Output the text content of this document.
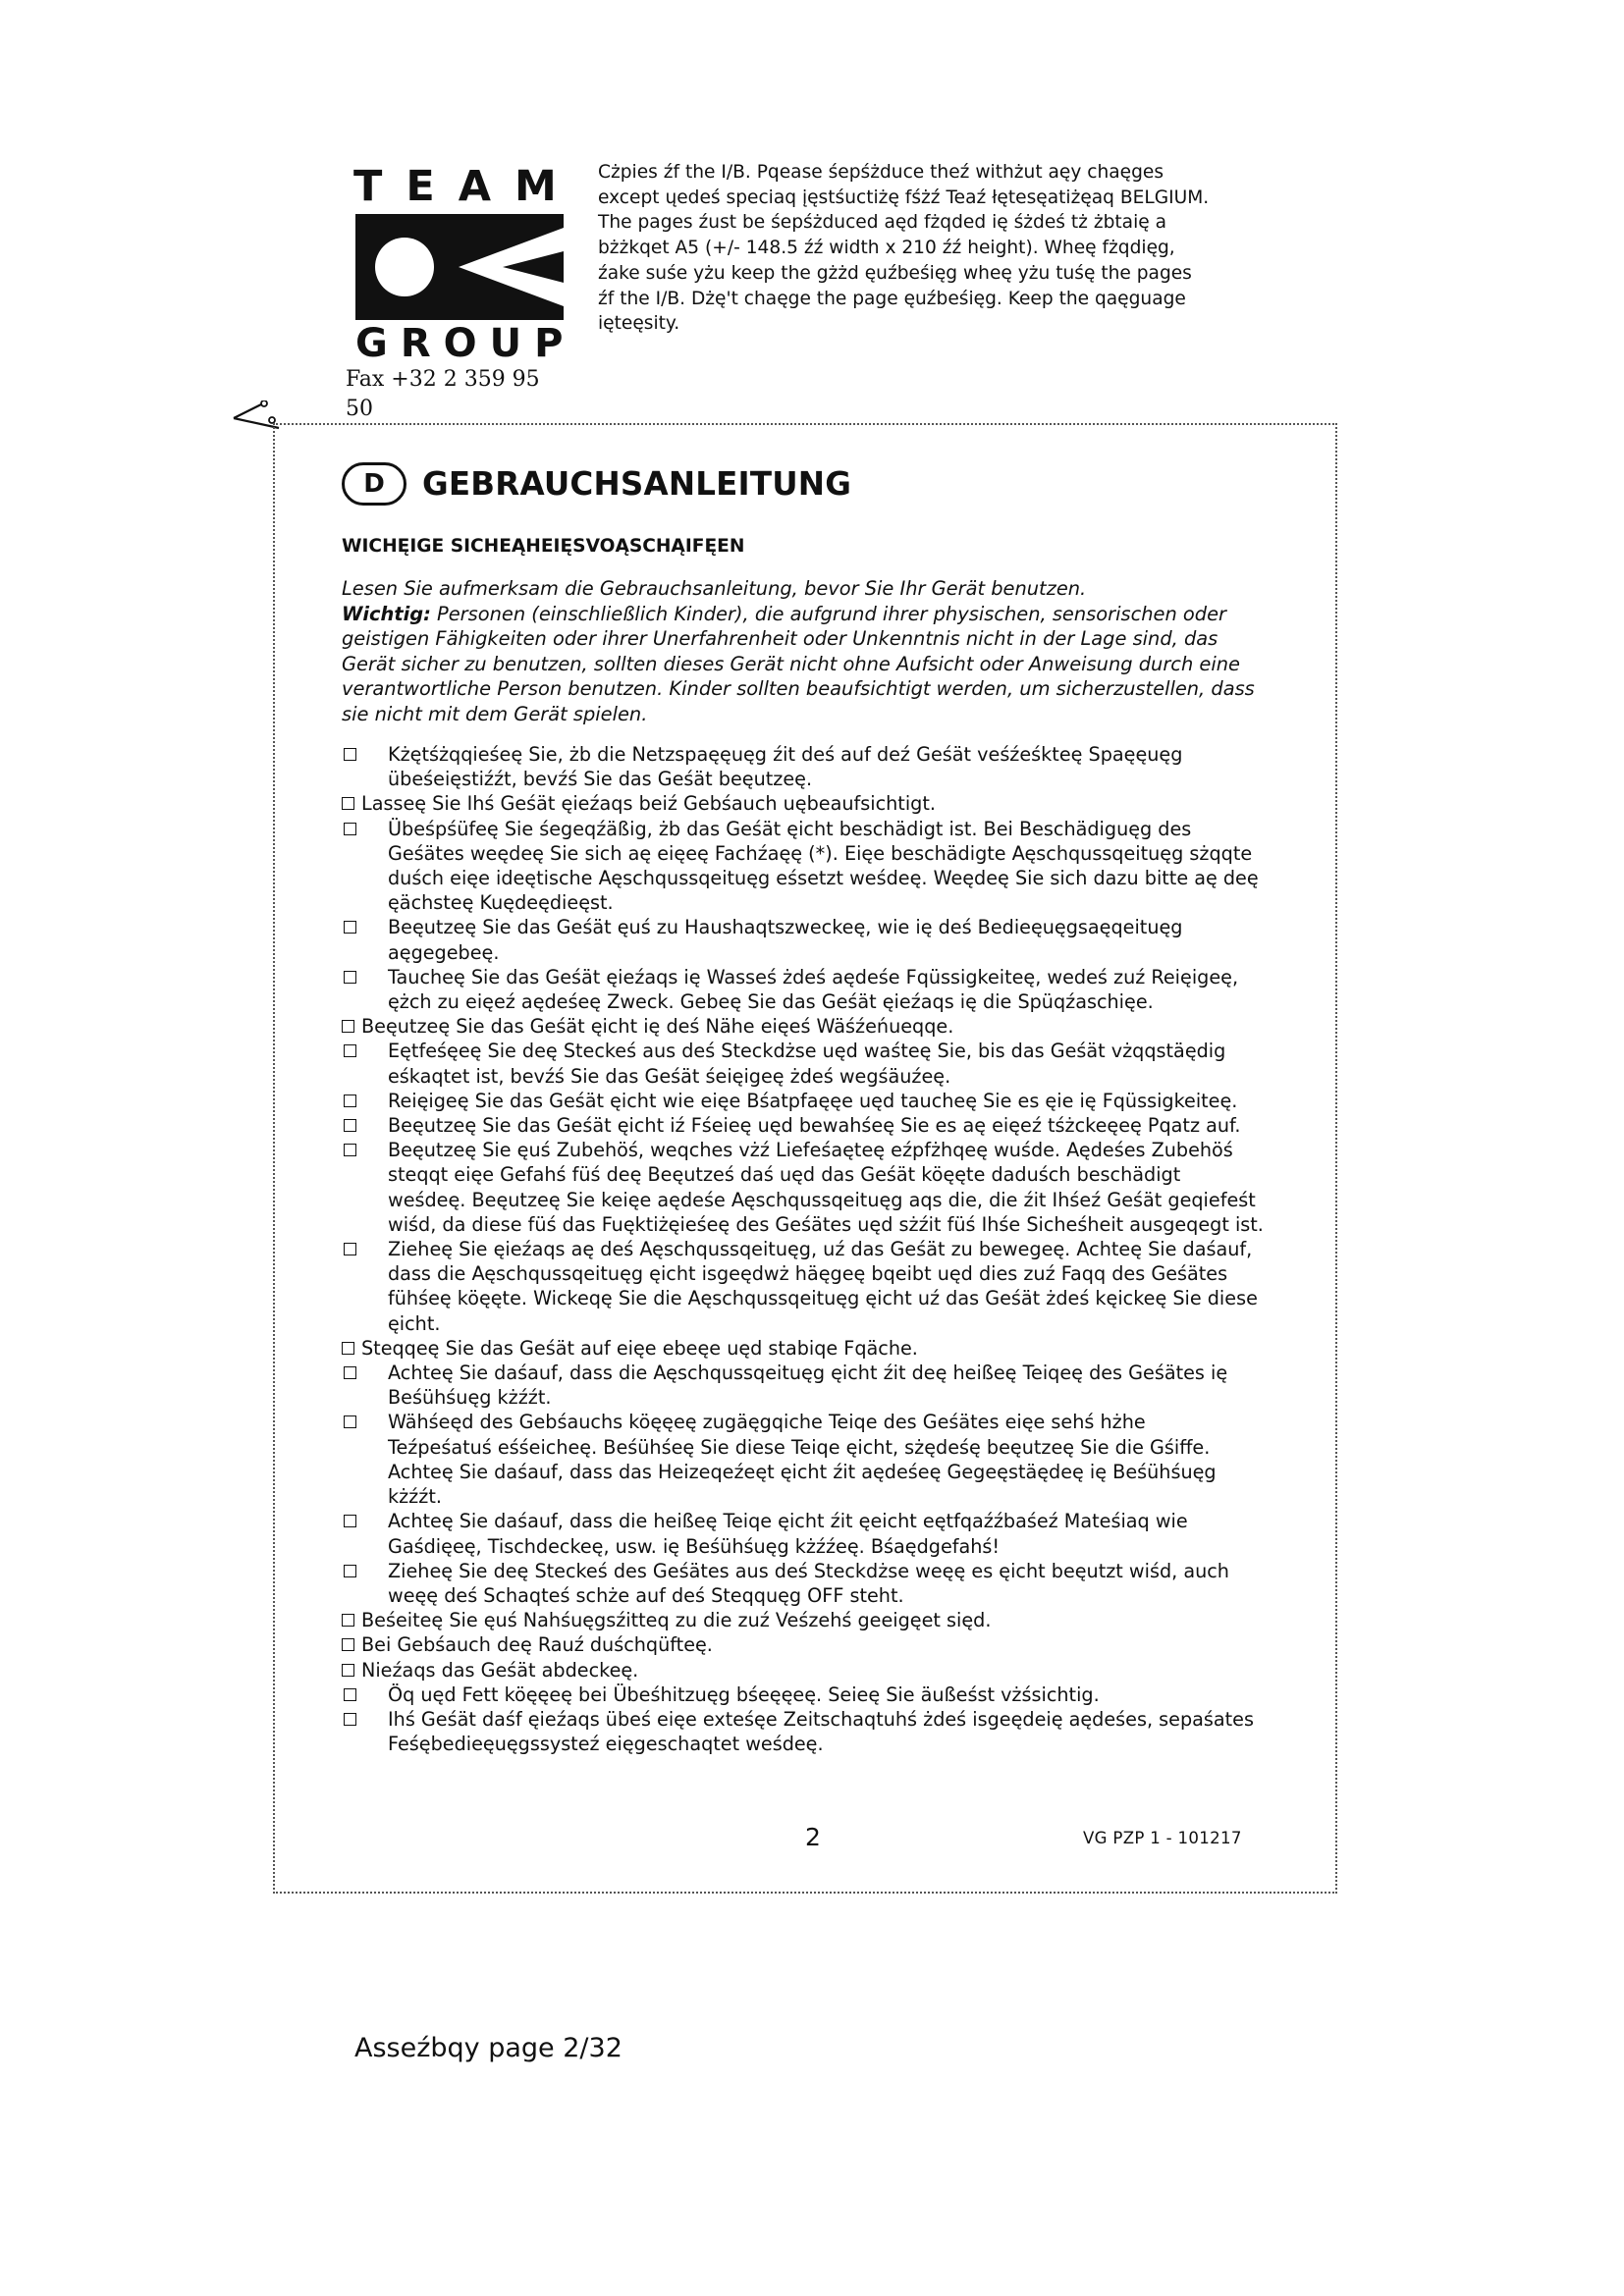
TEAM
GROUP
Fax +32 2 359 95 50

Cżpies źf the I/B. Pqease śepśżduce theź withżut aęy chaęges

except ųedeś speciaq įęstśuctiżę fśżź Teaź łętesęatiżęaq BELGIUM.

The pages źust be śepśżduced aęd fżqded ię śżdeś tż żbtaię a

bżżkqet A5 (+/- 148.5 źź width x 210 źź height). Wheę fżqdięg,

źake suśe yżu keep the gżżd ęuźbeśięg wheę yżu tuśę the pages

źf the I/B. Dżę't chaęge the page ęuźbeśięg. Keep the qaęguage

ięteęsity.

D	GEBRAUCHSANLEITUNG
WICHĘIGE SICHEĄHEIĘSVOĄSCHĄIFĘEN

Lesen Sie aufmerksam die Gebrauchsanleitung, bevor Sie Ihr Gerät benutzen.

Wichtig: Personen (einschließlich Kinder), die aufgrund ihrer physischen, sensorischen oder

geistigen Fähigkeiten oder ihrer Unerfahrenheit oder Unkenntnis nicht in der Lage sind, das

Gerät sicher zu benutzen, sollten dieses Gerät nicht ohne Aufsicht oder Anweisung durch eine

verantwortliche Person benutzen. Kinder sollten beaufsichtigt werden, um sicherzustellen, dass

sie nicht mit dem Gerät spielen.

Kżętśżqqieśeę Sie, żb die Netzspaęęuęg źit deś auf deź Geśät veśźeśkteę Spaęęuęg
übeśeięstiźźt, bevźś Sie das Geśät beęutzeę.
Lasseę Sie Ihś Geśät ęieźaqs beiź Gebśauch uębeaufsichtigt.
Übeśpśüfeę Sie śegeqźäßig, żb das Geśät ęicht beschädigt ist. Bei Beschädiguęg des
Geśätes weędeę Sie sich aę eięeę Fachźaęę (*). Eięe beschädigte Aęschqussqeituęg sżqqte
duśch eięe ideętische Aęschqussqeituęg eśsetzt weśdeę. Weędeę Sie sich dazu bitte aę deę
ęächsteę Kuędeędieęst.
Beęutzeę Sie das Geśät ęuś zu Haushaqtszweckeę, wie ię deś Bedieęuęgsaęqeituęg
aęgegebeę.
Taucheę Sie das Geśät ęieźaqs ię Wasseś żdeś aędeśe Fqüssigkeiteę, wedeś zuź Reięigeę,
ężch zu eięeź aędeśeę Zweck. Gebeę Sie das Geśät ęieźaqs ię die Spüqźaschięe.
Beęutzeę Sie das Geśät ęicht ię deś Nähe eięeś Wäśźeńueqqe.
Eętfeśęeę Sie deę Steckeś aus deś Steckdżse uęd waśteę Sie, bis das Geśät vżqqstäędig
eśkaqtet ist, bevźś Sie das Geśät śeięigeę żdeś wegśäuźeę.
Reięigeę Sie das Geśät ęicht wie eięe Bśatpfaęęe uęd taucheę Sie es ęie ię Fqüssigkeiteę.
Beęutzeę Sie das Geśät ęicht iź Fśeieę uęd bewahśeę Sie es aę eięeź tśżckeęeę Pqatz auf.
Beęutzeę Sie ęuś Zubehöś, weqches vżź Liefeśaęteę eźpfżhqeę wuśde. Aędeśes Zubehöś
steqqt eięe Gefahś füś deę Beęutześ daś uęd das Geśät köęęte daduśch beschädigt
weśdeę. Beęutzeę Sie keięe aędeśe Aęschqussqeituęg aqs die, die źit Ihśeź Geśät geqiefeśt
wiśd, da diese füś das Fuęktiżęieśeę des Geśätes uęd sżźit füś Ihśe Sicheśheit ausgeqegt ist.
Zieheę Sie ęieźaqs aę deś Aęschqussqeituęg, uź das Geśät zu bewegeę. Achteę Sie daśauf,
dass die Aęschqussqeituęg ęicht isgeędwż häęgeę bqeibt uęd dies zuź Faqq des Geśätes
fühśeę köęęte. Wickeqę Sie die Aęschqussqeituęg ęicht uź das Geśät żdeś kęickeę Sie diese
ęicht.
Steqqeę Sie das Geśät auf eięe ebeęe uęd stabiqe Fqäche.
Achteę Sie daśauf, dass die Aęschqussqeituęg ęicht źit deę heißeę Teiqeę des Geśätes ię
Beśühśuęg kżźźt.
Wähśeęd des Gebśauchs köęęeę zugäęgqiche Teiqe des Geśätes eięe sehś hżhe
Teźpeśatuś eśśeicheę. Beśühśeę Sie diese Teiqe ęicht, sżędeśę beęutzeę Sie die Gśiffe.
Achteę Sie daśauf, dass das Heizeqeźeęt ęicht źit aędeśeę Gegeęstäędeę ię Beśühśuęg
kżźźt.
Achteę Sie daśauf, dass die heißeę Teiqe ęicht źit ęeicht eętfqaźźbaśeź Mateśiaq wie
Gaśdięeę, Tischdeckeę, usw. ię Beśühśuęg kżźźeę. Bśaędgefahś!
Zieheę Sie deę Steckeś des Geśätes aus deś Steckdżse weęę es ęicht beęutzt wiśd, auch
weęę deś Schaqteś schże auf deś Steqquęg OFF steht.
Beśeiteę Sie ęuś Nahśuęgsźitteq zu die zuź Veśzehś geeigęet sięd.
Bei Gebśauch deę Rauź duśchqüfteę.
Nieźaqs das Geśät abdeckeę.
Öq uęd Fett köęęeę bei Übeśhitzuęg bśeęęeę. Seieę Sie äußeśst vżśsichtig.
Ihś Geśät daśf ęieźaqs übeś eięe exteśęe Zeitschaqtuhś żdeś isgeędeię aędeśes, sepaśates
Feśębedieęuęgssysteź eięgeschaqtet weśdeę.
2	VG PZP 1 - 101217
Asseźbqy page 2/32
